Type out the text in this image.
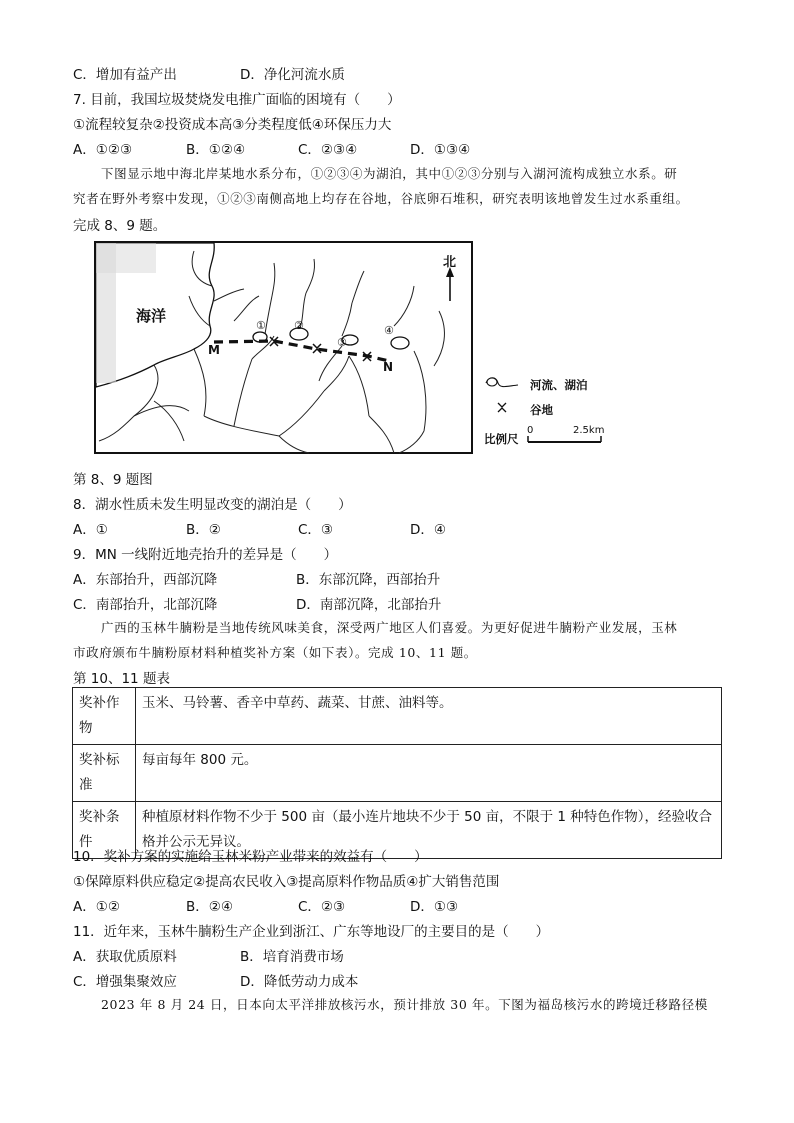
C．增加有益产出	D．净化河流水质
7. 目前，我国垃圾焚烧发电推广面临的困境有（　　）
①流程较复杂②投资成本高③分类程度低④环保压力大
A．①②③	B．①②④	C．②③④	D．①③④
下图显示地中海北岸某地水系分布，①②③④为湖泊，其中①②③分别与入湖河流构成独立水系。研
究者在野外考察中发现，①②③南侧高地上均存在谷地，谷底卵石堆积，研究表明该地曾发生过水系重组。
完成 8、9 题。
海洋
北
①	②
③
④
M
N
河流、湖泊
谷地
比例尺
0	2.5km
第 8、9 题图
8．湖水性质未发生明显改变的湖泊是（　　）
A．①	B．②	C．③	D．④
9．MN 一线附近地壳抬升的差异是（　　）
A．东部抬升，西部沉降	B．东部沉降，西部抬升
C．南部抬升，北部沉降	D．南部沉降，北部抬升
广西的玉林牛腩粉是当地传统风味美食，深受两广地区人们喜爱。为更好促进牛腩粉产业发展，玉林
市政府颁布牛腩粉原材料种植奖补方案（如下表）。完成 10、11 题。
第 10、11 题表
奖补作物	玉米、马铃薯、香辛中草药、蔬菜、甘蔗、油料等。
奖补标准	每亩每年 800 元。
奖补条件	种植原材料作物不少于 500 亩（最小连片地块不少于 50 亩，不限于 1 种特色作物），经验收合格并公示无异议。
10．奖补方案的实施给玉林米粉产业带来的效益有（　　）
①保障原料供应稳定②提高农民收入③提高原料作物品质④扩大销售范围
A．①②	B．②④	C．②③	D．①③
11．近年来，玉林牛腩粉生产企业到浙江、广东等地设厂的主要目的是（　　）
A．获取优质原料	B．培育消费市场
C．增强集聚效应	D．降低劳动力成本
2023 年 8 月 24 日，日本向太平洋排放核污水，预计排放 30 年。下图为福岛核污水的跨境迁移路径模
